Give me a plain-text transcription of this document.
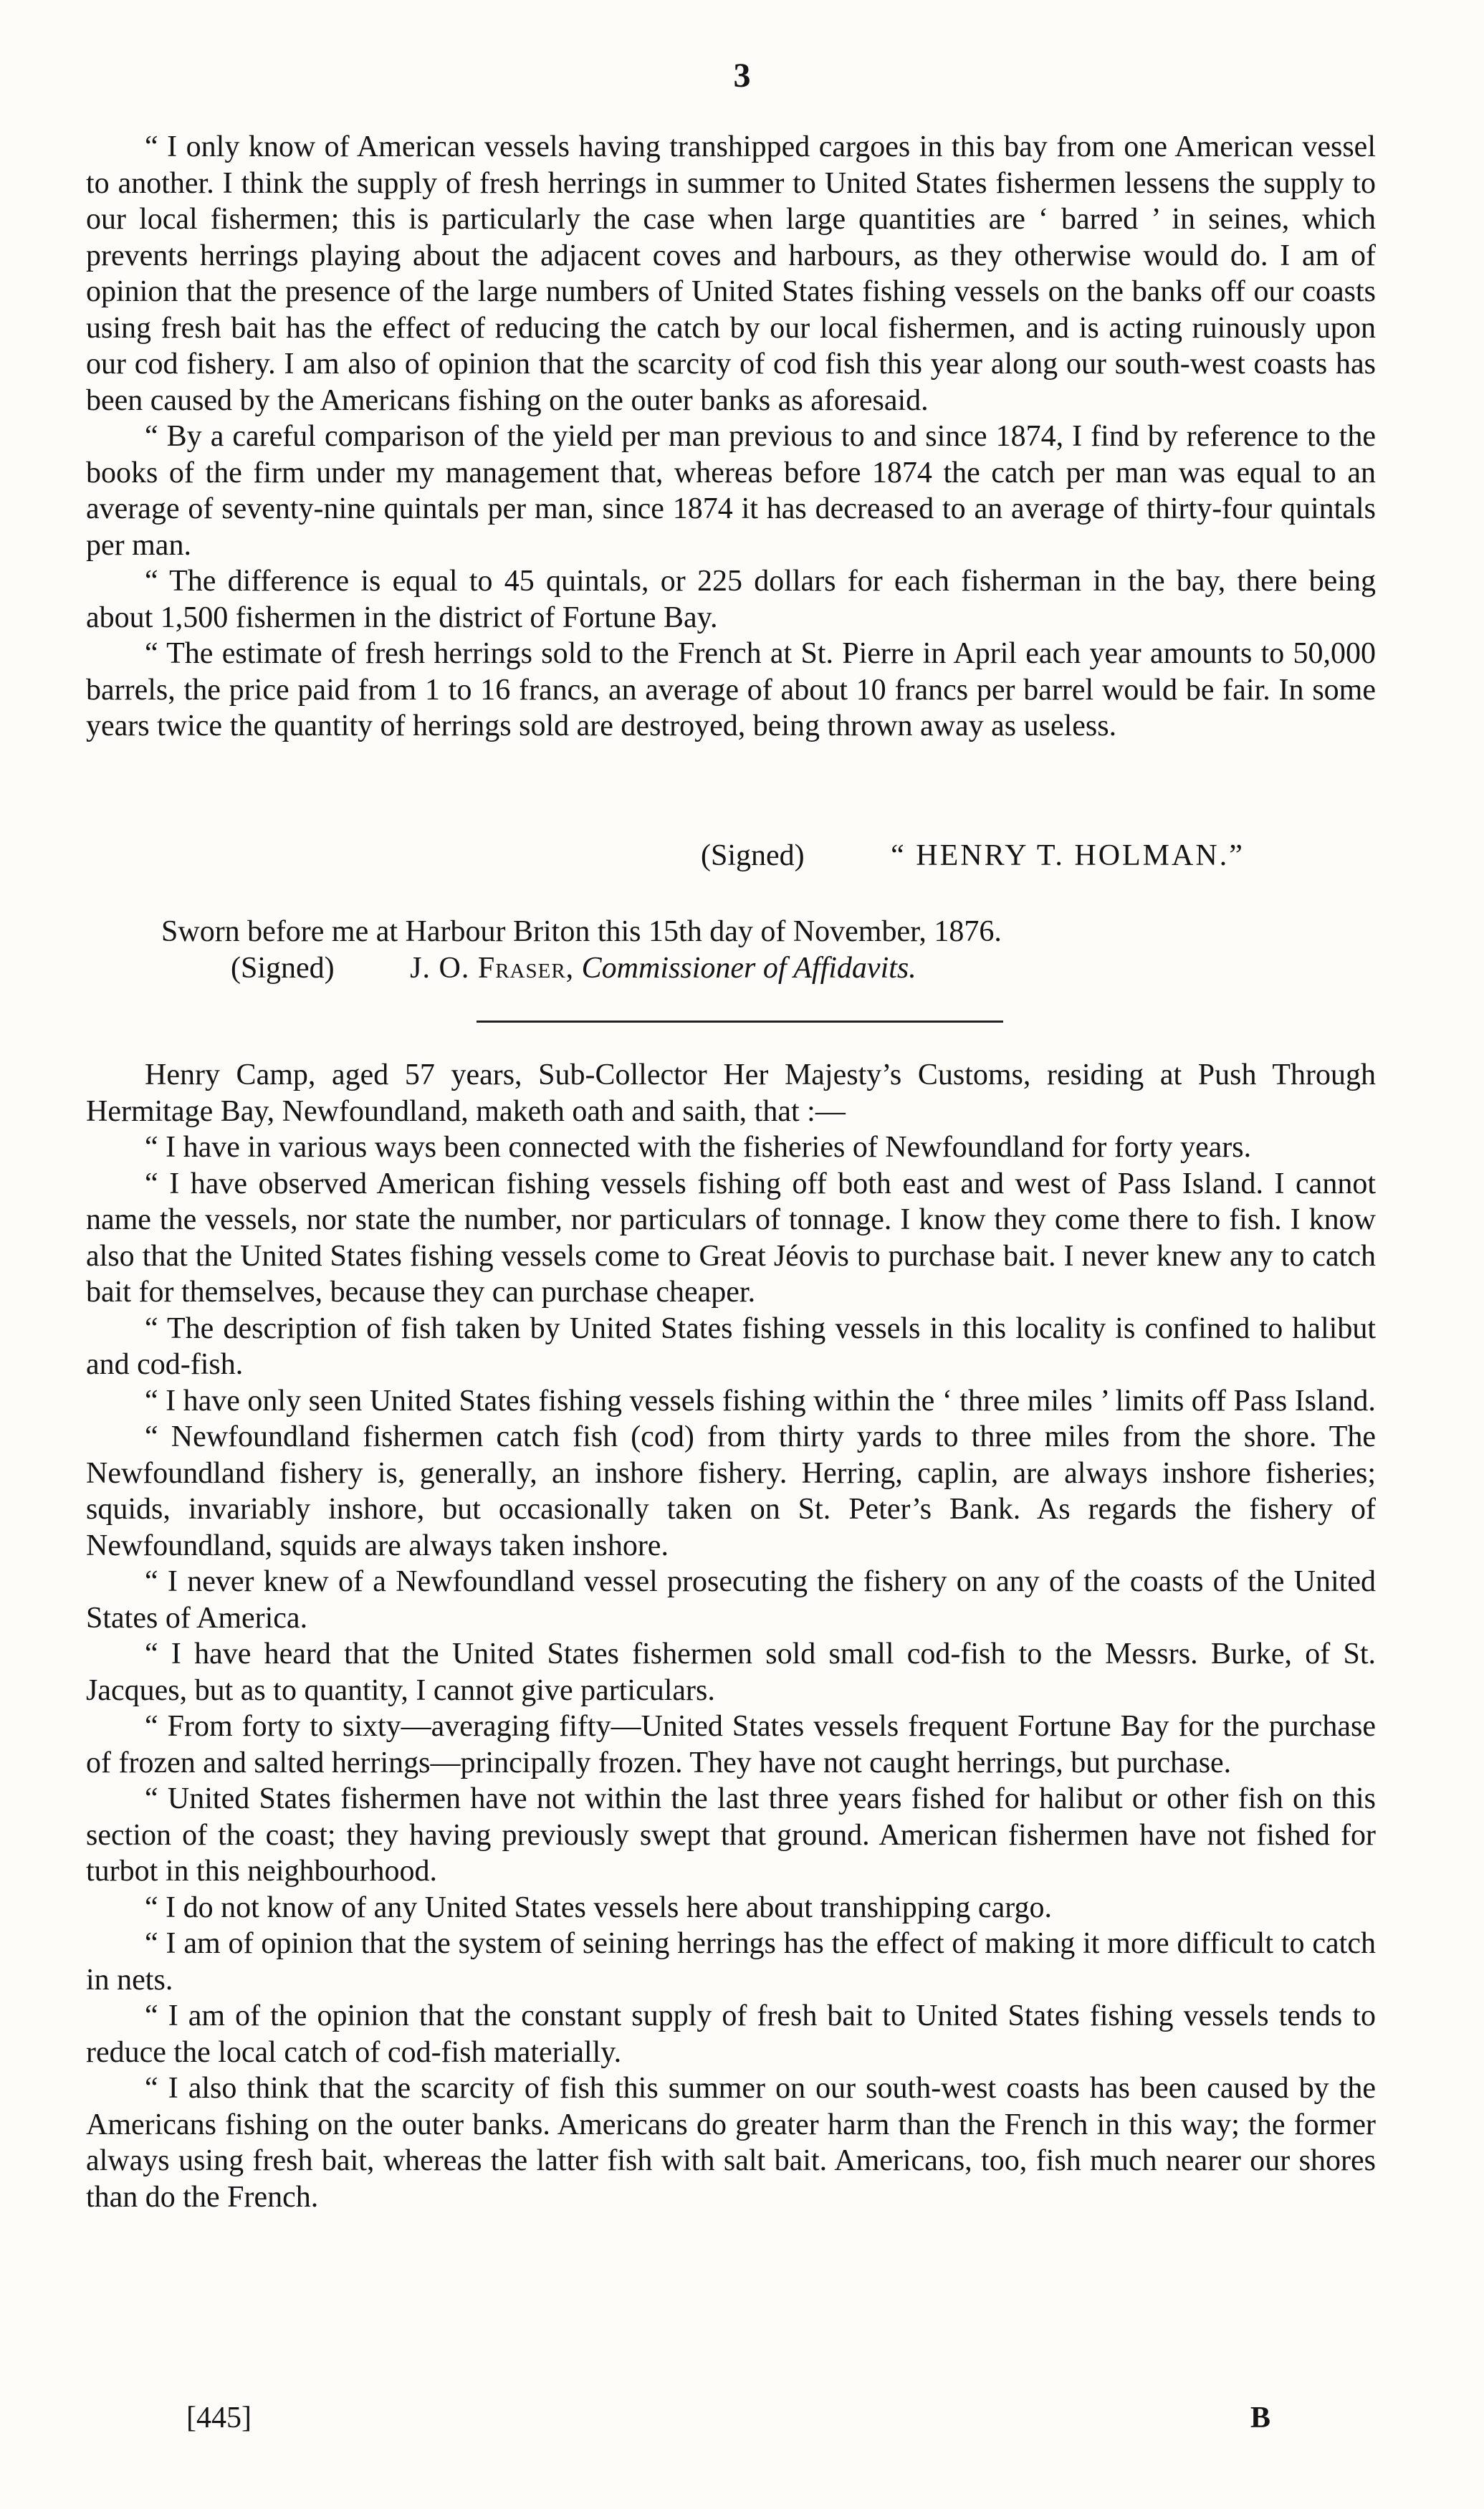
3

“ I only know of American vessels having transhipped cargoes in this bay from one American vessel to another. I think the supply of fresh herrings in summer to United States fishermen lessens the supply to our local fishermen; this is particularly the case when large quantities are ‘ barred ’ in seines, which prevents herrings playing about the adjacent coves and harbours, as they otherwise would do. I am of opinion that the presence of the large numbers of United States fishing vessels on the banks off our coasts using fresh bait has the effect of reducing the catch by our local fishermen, and is acting ruinously upon our cod fishery. I am also of opinion that the scarcity of cod fish this year along our south-west coasts has been caused by the Americans fishing on the outer banks as aforesaid.

“ By a careful comparison of the yield per man previous to and since 1874, I find by reference to the books of the firm under my management that, whereas before 1874 the catch per man was equal to an average of seventy-nine quintals per man, since 1874 it has decreased to an average of thirty-four quintals per man.

“ The difference is equal to 45 quintals, or 225 dollars for each fisherman in the bay, there being about 1,500 fishermen in the district of Fortune Bay.

“ The estimate of fresh herrings sold to the French at St. Pierre in April each year amounts to 50,000 barrels, the price paid from 1 to 16 francs, an average of about 10 francs per barrel would be fair. In some years twice the quantity of herrings sold are destroyed, being thrown away as useless.

(Signed)	“ HENRY T. HOLMAN.”
Sworn before me at Harbour Briton this 15th day of November, 1876.
(Signed)	J. O. Fraser, Commissioner of Affidavits.

Henry Camp, aged 57 years, Sub-Collector Her Majesty’s Customs, residing at Push Through Hermitage Bay, Newfoundland, maketh oath and saith, that :—

“ I have in various ways been connected with the fisheries of Newfoundland for forty years.

“ I have observed American fishing vessels fishing off both east and west of Pass Island. I cannot name the vessels, nor state the number, nor particulars of tonnage. I know they come there to fish. I know also that the United States fishing vessels come to Great Jéovis to purchase bait. I never knew any to catch bait for themselves, because they can purchase cheaper.

“ The description of fish taken by United States fishing vessels in this locality is confined to halibut and cod-fish.

“ I have only seen United States fishing vessels fishing within the ‘ three miles ’ limits off Pass Island.

“ Newfoundland fishermen catch fish (cod) from thirty yards to three miles from the shore. The Newfoundland fishery is, generally, an inshore fishery. Herring, caplin, are always inshore fisheries; squids, invariably inshore, but occasionally taken on St. Peter’s Bank. As regards the fishery of Newfoundland, squids are always taken inshore.

“ I never knew of a Newfoundland vessel prosecuting the fishery on any of the coasts of the United States of America.

“ I have heard that the United States fishermen sold small cod-fish to the Messrs. Burke, of St. Jacques, but as to quantity, I cannot give particulars.

“ From forty to sixty—averaging fifty—United States vessels frequent Fortune Bay for the purchase of frozen and salted herrings—principally frozen. They have not caught herrings, but purchase.

“ United States fishermen have not within the last three years fished for halibut or other fish on this section of the coast; they having previously swept that ground. American fishermen have not fished for turbot in this neighbourhood.

“ I do not know of any United States vessels here about transhipping cargo.

“ I am of opinion that the system of seining herrings has the effect of making it more difficult to catch in nets.

“ I am of the opinion that the constant supply of fresh bait to United States fishing vessels tends to reduce the local catch of cod-fish materially.

“ I also think that the scarcity of fish this summer on our south-west coasts has been caused by the Americans fishing on the outer banks. Americans do greater harm than the French in this way; the former always using fresh bait, whereas the latter fish with salt bait. Americans, too, fish much nearer our shores than do the French.

[445]	B
